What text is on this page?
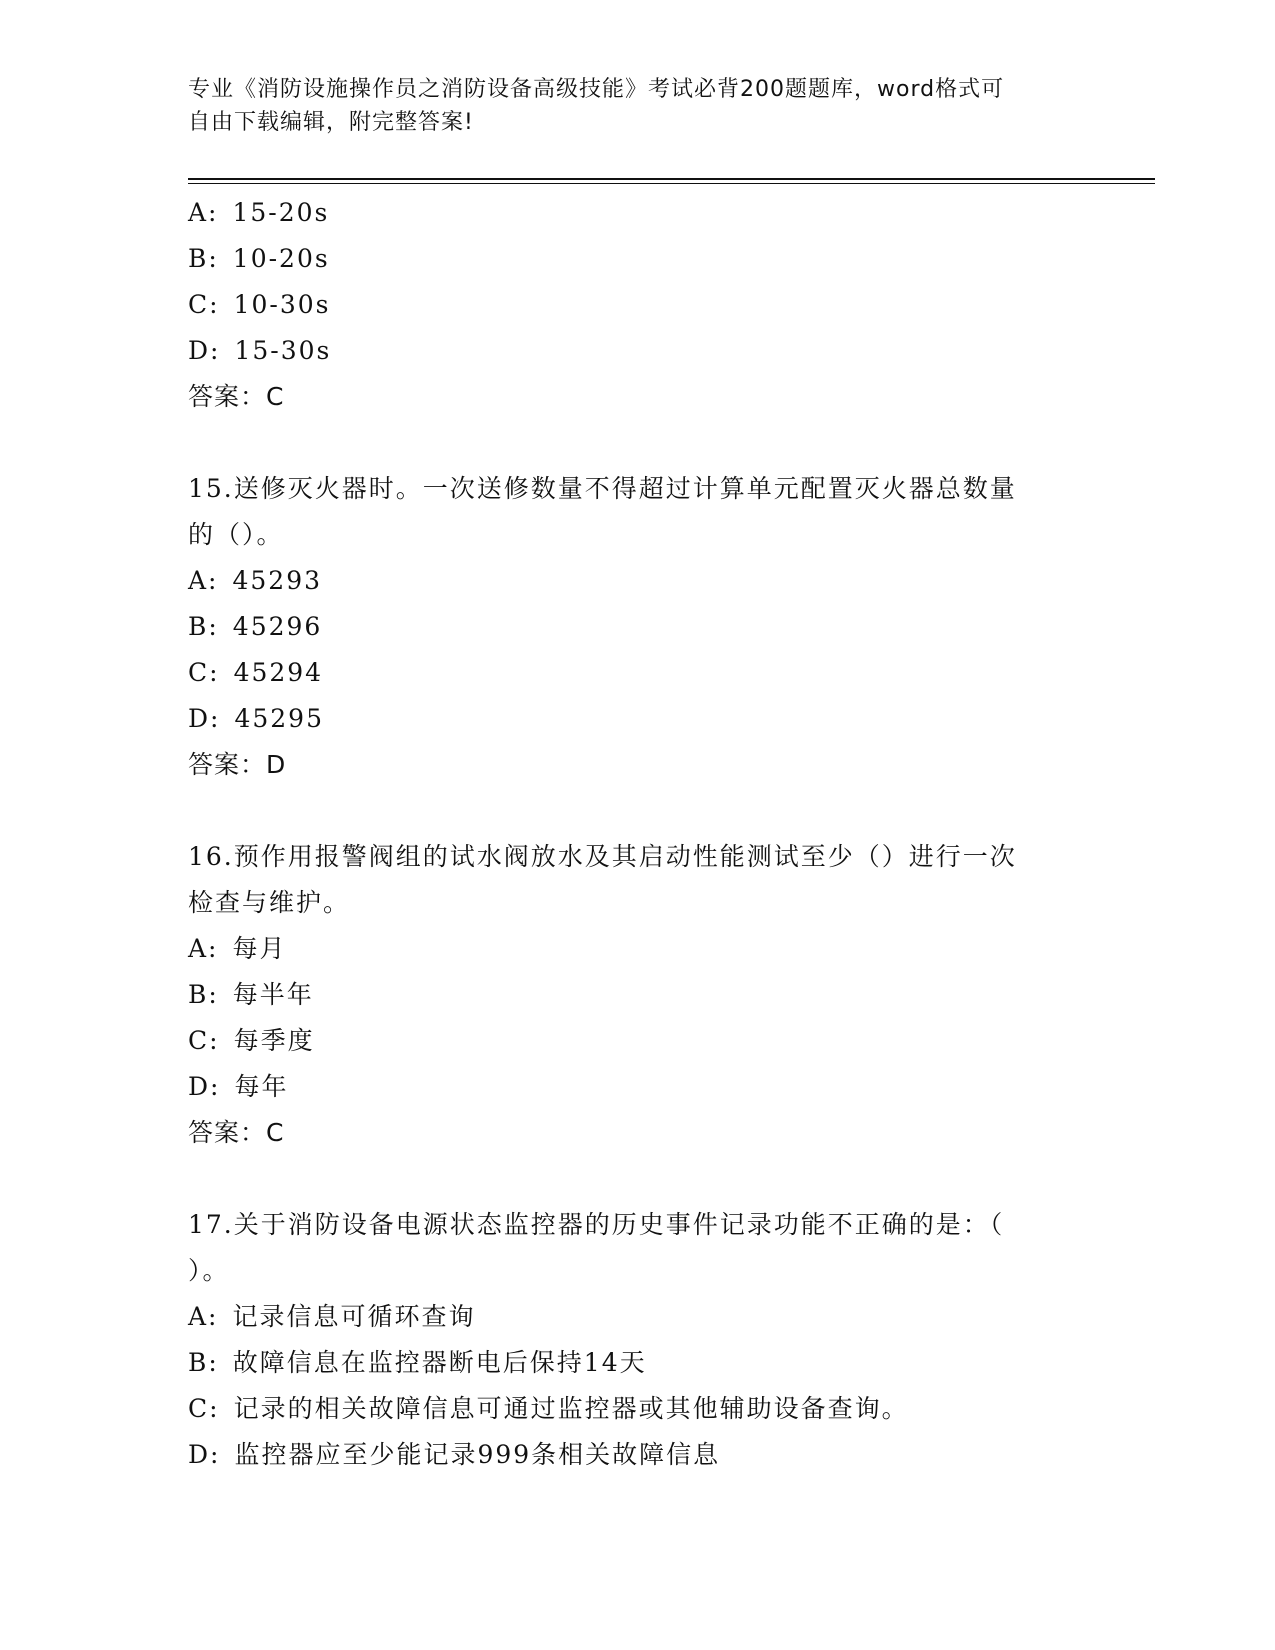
专业《消防设施操作员之消防设备高级技能》考试必背200题题库，word格式可
自由下载编辑，附完整答案!
A: 15-20s
B: 10-20s
C: 10-30s
D: 15-30s
答案：C
15.送修灭火器时。一次送修数量不得超过计算单元配置灭火器总数量
的（）。
A: 45293
B: 45296
C: 45294
D: 45295
答案：D
16.预作用报警阀组的试水阀放水及其启动性能测试至少（）进行一次
检查与维护。
A: 每月
B: 每半年
C: 每季度
D: 每年
答案：C
17.关于消防设备电源状态监控器的历史事件记录功能不正确的是：（
）。
A: 记录信息可循环查询
B: 故障信息在监控器断电后保持14天
C: 记录的相关故障信息可通过监控器或其他辅助设备查询。
D: 监控器应至少能记录999条相关故障信息
